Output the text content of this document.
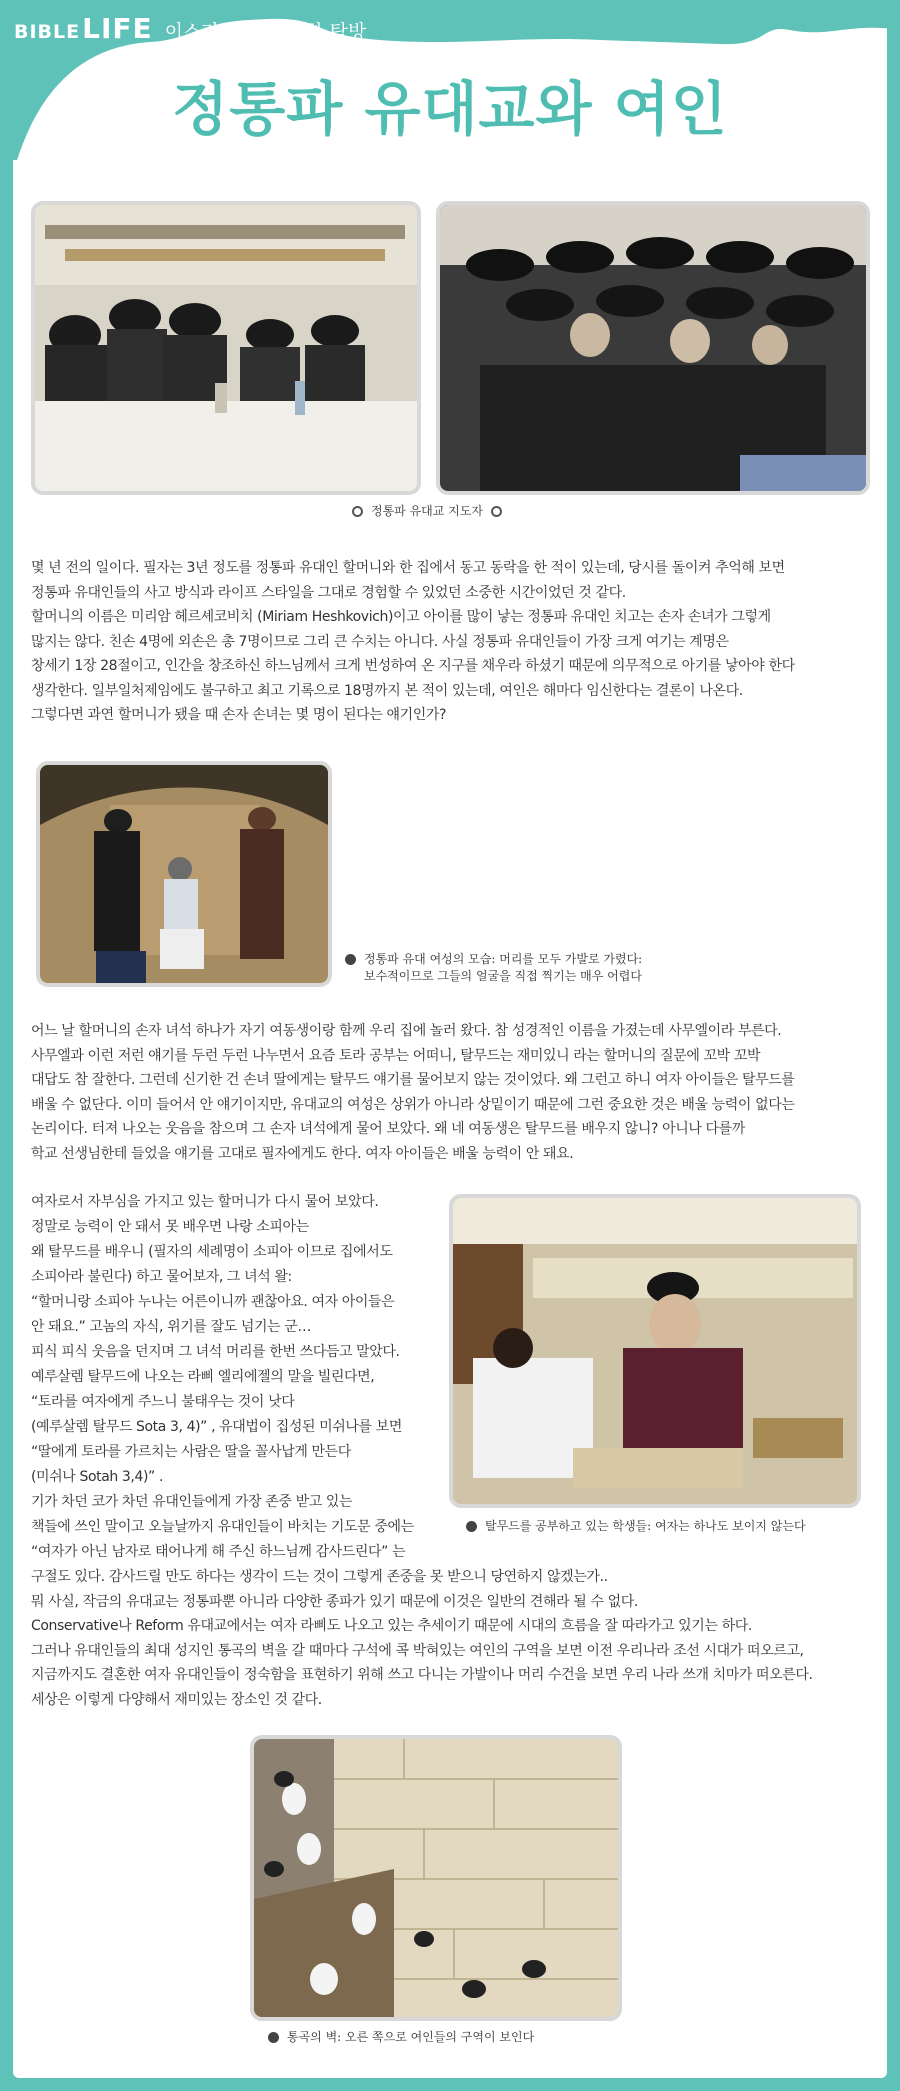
BIBLE LIFE 이스라엘 종교 문화 탐방
정통파 유대교와 여인
정통파 유대교 지도자

몇 년 전의 일이다. 필자는 3년 정도를 정통파 유대인 할머니와 한 집에서 동고 동락을 한 적이 있는데, 당시를 돌이켜 추억해 보면

정통파 유대인들의 사고 방식과 라이프 스타일을 그대로 경험할 수 있었던 소중한 시간이었던 것 같다.

할머니의 이름은 미리암 헤르셰코비치 (Miriam Heshkovich)이고 아이를 많이 낳는 정통파 유대인 치고는 손자 손녀가 그렇게

많지는 않다. 친손 4명에 외손은 총 7명이므로 그리 큰 수치는 아니다. 사실 정통파 유대인들이 가장 크게 여기는 계명은

창세기 1장 28절이고, 인간을 창조하신 하느님께서 크게 번성하여 온 지구를 채우라 하셨기 때문에 의무적으로 아기를 낳아야 한다

생각한다. 일부일처제임에도 불구하고 최고 기록으로 18명까지 본 적이 있는데, 여인은 해마다 임신한다는 결론이 나온다.

그렇다면 과연 할머니가 됐을 때 손자 손녀는 몇 명이 된다는 얘기인가?

정통파 유대 여성의 모습: 머리를 모두 가발로 가렸다:
보수적이므로 그들의 얼굴을 직접 찍기는 매우 어렵다

어느 날 할머니의 손자 녀석 하나가 자기 여동생이랑 함께 우리 집에 놀러 왔다. 참 성경적인 이름을 가졌는데 사무엘이라 부른다.

사무엘과 이런 저런 얘기를 두런 두런 나누면서 요즘 토라 공부는 어떠니, 탈무드는 재미있니 라는 할머니의 질문에 꼬박 꼬박

대답도 참 잘한다. 그런데 신기한 건 손녀 딸에게는 탈무드 얘기를 물어보지 않는 것이었다. 왜 그런고 하니 여자 아이들은 탈무드를

배울 수 없단다. 이미 들어서 안 얘기이지만, 유대교의 여성은 상위가 아니라 상밑이기 때문에 그런 중요한 것은 배울 능력이 없다는

논리이다. 터져 나오는 웃음을 참으며 그 손자 녀석에게 물어 보았다. 왜 네 여동생은 탈무드를 배우지 않니? 아니나 다를까

학교 선생님한테 들었을 얘기를 고대로 필자에게도 한다. 여자 아이들은 배울 능력이 안 돼요.

여자로서 자부심을 가지고 있는 할머니가 다시 물어 보았다.

정말로 능력이 안 돼서 못 배우면 나랑 소피아는

왜 탈무드를 배우니 (필자의 세례명이 소피아 이므로 집에서도

소피아라 불린다) 하고 물어보자, 그 녀석 왈:

“할머니랑 소피아 누나는 어른이니까 괜찮아요. 여자 아이들은

안 돼요.” 고놈의 자식, 위기를 잘도 넘기는 군…

피식 피식 웃음을 던지며 그 녀석 머리를 한번 쓰다듬고 말았다.

예루살렘 탈무드에 나오는 라삐 엘리에젤의 말을 빌린다면,

“토라를 여자에게 주느니 불태우는 것이 낫다

(예루살렘 탈무드 Sota 3, 4)” , 유대법이 집성된 미쉬나를 보면

“딸에게 토라를 가르치는 사람은 딸을 꼴사납게 만든다

(미쉬나 Sotah 3,4)” .

기가 차던 코가 차던 유대인들에게 가장 존중 받고 있는

책들에 쓰인 말이고 오늘날까지 유대인들이 바치는 기도문 중에는

“여자가 아닌 남자로 태어나게 해 주신 하느님께 감사드린다” 는

탈무드를 공부하고 있는 학생들: 여자는 하나도 보이지 않는다

구절도 있다. 감사드릴 만도 하다는 생각이 드는 것이 그렇게 존중을 못 받으니 당연하지 않겠는가..

뭐 사실, 작금의 유대교는 정통파뿐 아니라 다양한 종파가 있기 때문에 이것은 일반의 견해라 될 수 없다.

Conservative나 Reform 유대교에서는 여자 라삐도 나오고 있는 추세이기 때문에 시대의 흐름을 잘 따라가고 있기는 하다.

그러나 유대인들의 최대 성지인 통곡의 벽을 갈 때마다 구석에 콕 박혀있는 여인의 구역을 보면 이전 우리나라 조선 시대가 떠오르고,

지금까지도 결혼한 여자 유대인들이 정숙함을 표현하기 위해 쓰고 다니는 가발이나 머리 수건을 보면 우리 나라 쓰개 치마가 떠오른다.

세상은 이렇게 다양해서 재미있는 장소인 것 같다.

통곡의 벽: 오른 쪽으로 여인들의 구역이 보인다
